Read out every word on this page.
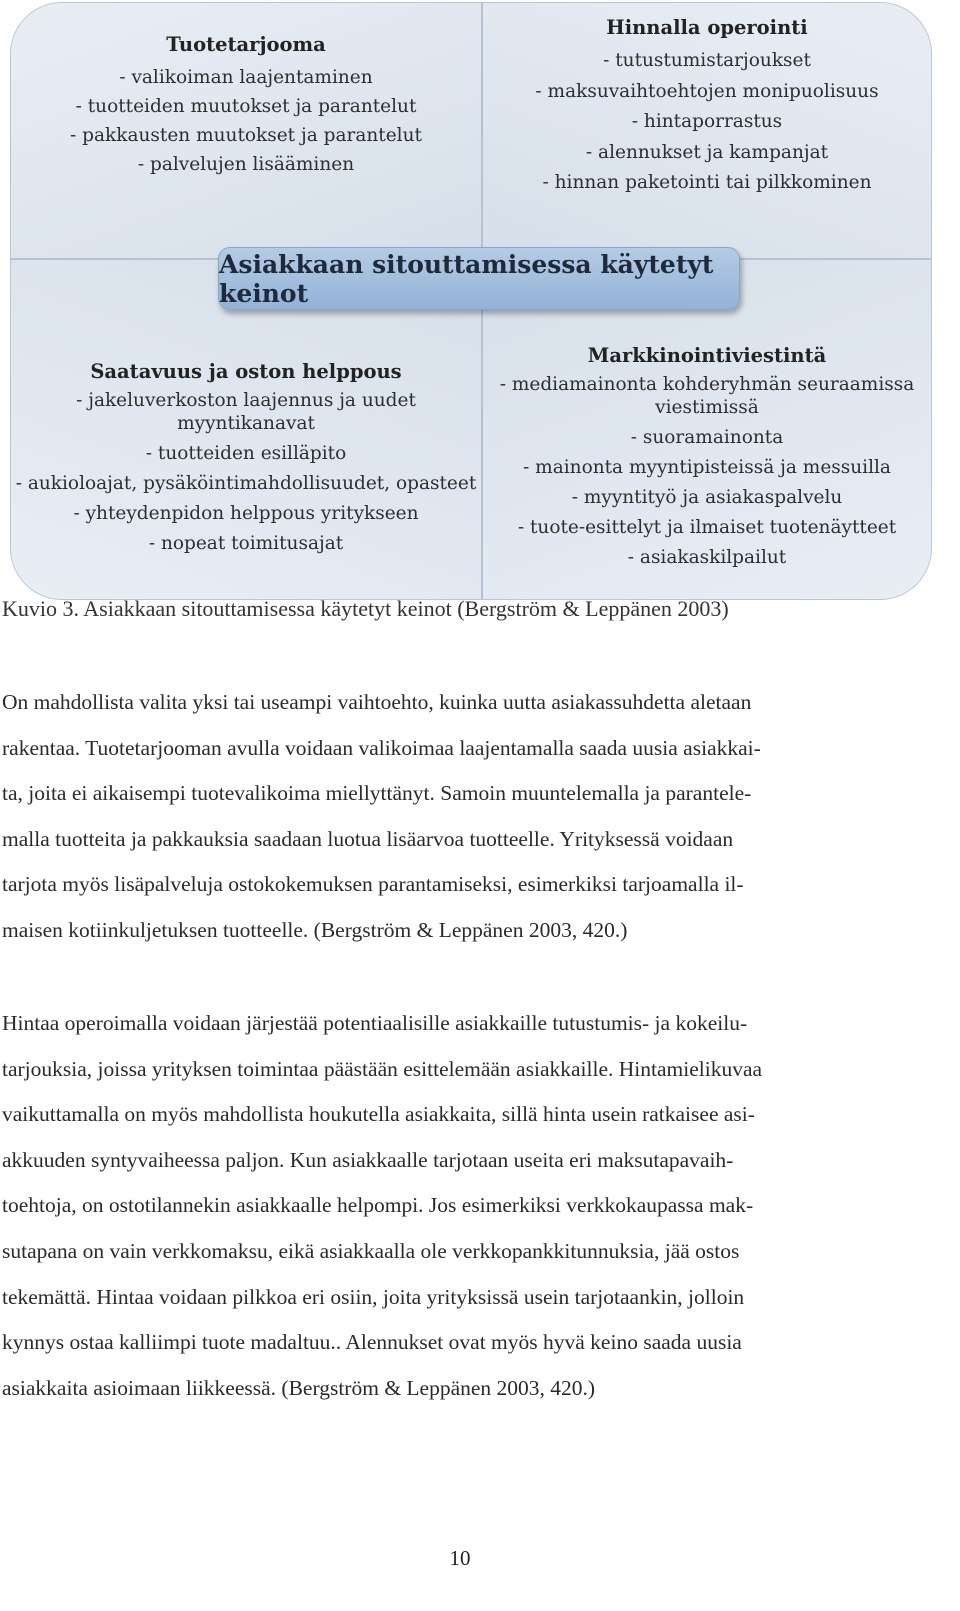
Tuotetarjooma
- valikoiman laajentaminen
- tuotteiden muutokset ja parantelut
- pakkausten muutokset ja parantelut
- palvelujen lisääminen
Hinnalla operointi
- tutustumistarjoukset
- maksuvaihtoehtojen monipuolisuus
- hintaporrastus
- alennukset ja kampanjat
- hinnan paketointi tai pilkkominen
Saatavuus ja oston helppous
- jakeluverkoston laajennus ja uudet myyntikanavat
- tuotteiden esilläpito
- aukioloajat, pysäköintimahdollisuudet, opasteet
- yhteydenpidon helppous yritykseen
- nopeat toimitusajat
Markkinointiviestintä
- mediamainonta kohderyhmän seuraamissa viestimissä
- suoramainonta
- mainonta myyntipisteissä ja messuilla
- myyntityö ja asiakaspalvelu
- tuote-esittelyt ja ilmaiset tuotenäytteet
- asiakaskilpailut
Asiakkaan sitouttamisessa käytetyt keinot
Kuvio 3. Asiakkaan sitouttamisessa käytetyt keinot (Bergström & Leppänen 2003)
On mahdollista valita yksi tai useampi vaihtoehto, kuinka uutta asiakassuhdetta aletaan
rakentaa. Tuotetarjooman avulla voidaan valikoimaa laajentamalla saada uusia asiakkai-
ta, joita ei aikaisempi tuotevalikoima miellyttänyt. Samoin muuntelemalla ja parantele-
malla tuotteita ja pakkauksia saadaan luotua lisäarvoa tuotteelle. Yrityksessä voidaan
tarjota myös lisäpalveluja ostokokemuksen parantamiseksi, esimerkiksi tarjoamalla il-
maisen kotiinkuljetuksen tuotteelle. (Bergström & Leppänen 2003, 420.)
Hintaa operoimalla voidaan järjestää potentiaalisille asiakkaille tutustumis- ja kokeilu-
tarjouksia, joissa yrityksen toimintaa päästään esittelemään asiakkaille. Hintamielikuvaa
vaikuttamalla on myös mahdollista houkutella asiakkaita, sillä hinta usein ratkaisee asi-
akkuuden syntyvaiheessa paljon. Kun asiakkaalle tarjotaan useita eri maksutapavaih-
toehtoja, on ostotilannekin asiakkaalle helpompi. Jos esimerkiksi verkkokaupassa mak-
sutapana on vain verkkomaksu, eikä asiakkaalla ole verkkopankkitunnuksia, jää ostos
tekemättä. Hintaa voidaan pilkkoa eri osiin, joita yrityksissä usein tarjotaankin, jolloin
kynnys ostaa kalliimpi tuote madaltuu.. Alennukset ovat myös hyvä keino saada uusia
asiakkaita asioimaan liikkeessä. (Bergström & Leppänen 2003, 420.)
10
